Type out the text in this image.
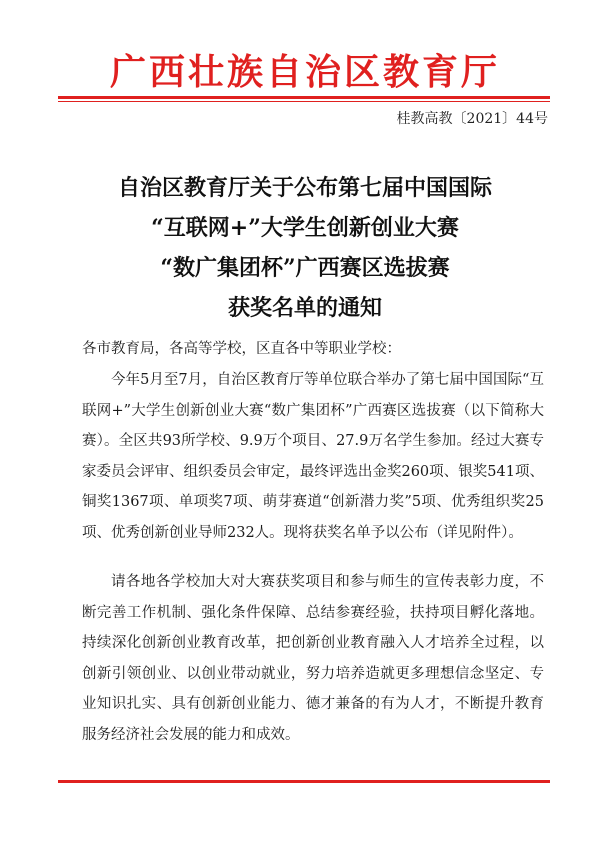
广西壮族自治区教育厅
桂教高教〔2021〕44号
自治区教育厅关于公布第七届中国国际
“互联网+”大学生创新创业大赛
“数广集团杯”广西赛区选拔赛
获奖名单的通知
各市教育局，各高等学校，区直各中等职业学校：
今年5月至7月，自治区教育厅等单位联合举办了第七届中国国际“互联网+”大学生创新创业大赛“数广集团杯”广西赛区选拔赛（以下简称大赛）。全区共93所学校、9.9万个项目、27.9万名学生参加。经过大赛专家委员会评审、组织委员会审定，最终评选出金奖260项、银奖541项、铜奖1367项、单项奖7项、萌芽赛道“创新潜力奖”5项、优秀组织奖25项、优秀创新创业导师232人。现将获奖名单予以公布（详见附件）。
请各地各学校加大对大赛获奖项目和参与师生的宣传表彰力度，不断完善工作机制、强化条件保障、总结参赛经验，扶持项目孵化落地。持续深化创新创业教育改革，把创新创业教育融入人才培养全过程，以创新引领创业、以创业带动就业，努力培养造就更多理想信念坚定、专业知识扎实、具有创新创业能力、德才兼备的有为人才，不断提升教育服务经济社会发展的能力和成效。
